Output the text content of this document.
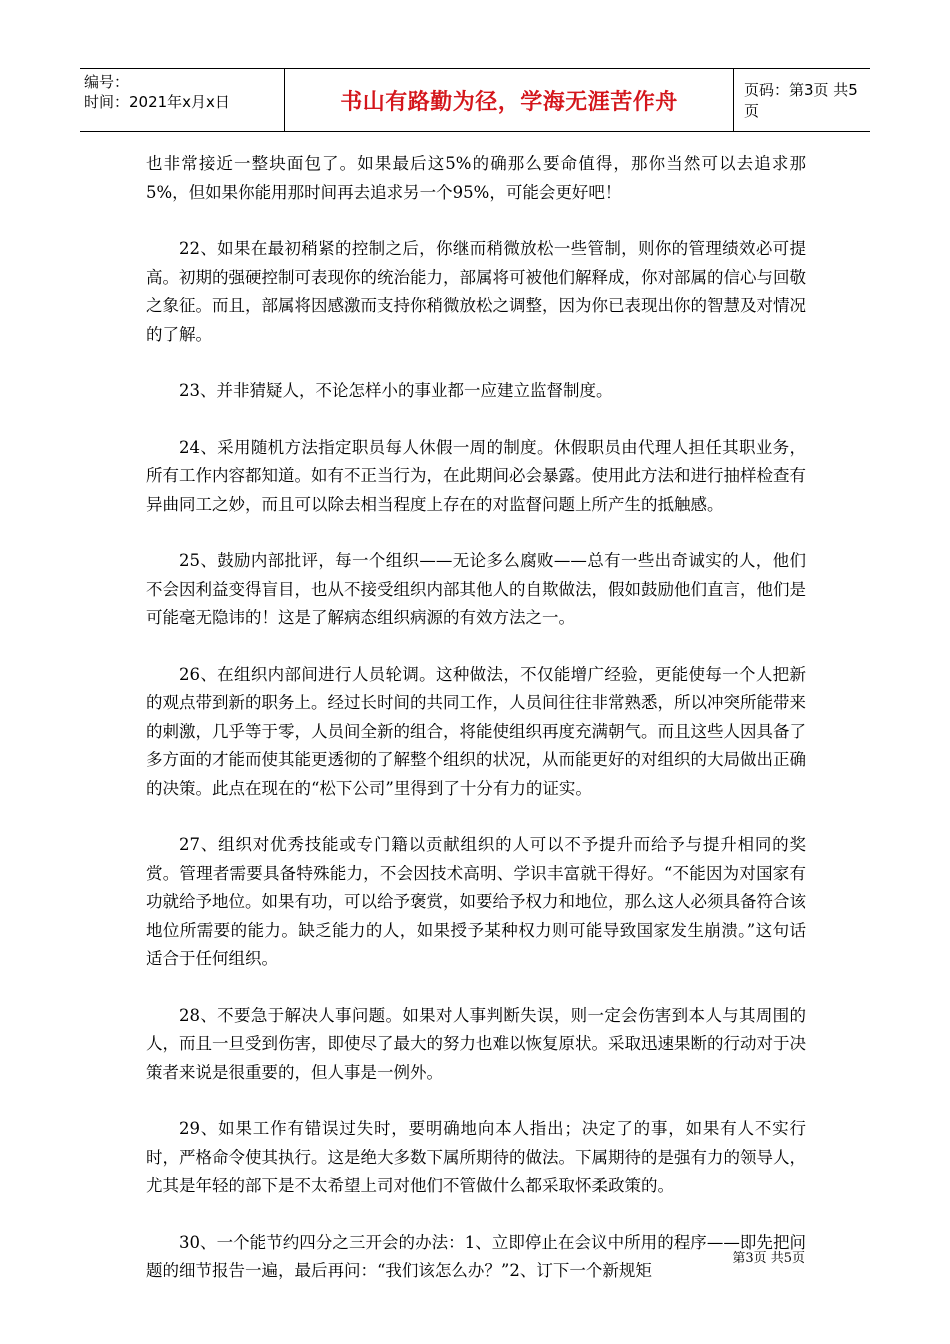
编号：
时间：2021年x月x日	书山有路勤为径，学海无涯苦作舟	页码：第3页 共5页

也非常接近一整块面包了。如果最后这5%的确那么要命值得，那你当然可以去追求那5%，但如果你能用那时间再去追求另一个95%，可能会更好吧！

22、如果在最初稍紧的控制之后，你继而稍微放松一些管制，则你的管理绩效必可提高。初期的强硬控制可表现你的统治能力，部属将可被他们解释成，你对部属的信心与回敬之象征。而且，部属将因感激而支持你稍微放松之调整，因为你已表现出你的智慧及对情况的了解。

23、并非猜疑人，不论怎样小的事业都一应建立监督制度。

24、采用随机方法指定职员每人休假一周的制度。休假职员由代理人担任其职业务，所有工作内容都知道。如有不正当行为，在此期间必会暴露。使用此方法和进行抽样检查有异曲同工之妙，而且可以除去相当程度上存在的对监督问题上所产生的抵触感。

25、鼓励内部批评，每一个组织——无论多么腐败——总有一些出奇诚实的人，他们不会因利益变得盲目，也从不接受组织内部其他人的自欺做法，假如鼓励他们直言，他们是可能毫无隐讳的！这是了解病态组织病源的有效方法之一。

26、在组织内部间进行人员轮调。这种做法，不仅能增广经验，更能使每一个人把新的观点带到新的职务上。经过长时间的共同工作，人员间往往非常熟悉，所以冲突所能带来的刺激，几乎等于零，人员间全新的组合，将能使组织再度充满朝气。而且这些人因具备了多方面的才能而使其能更透彻的了解整个组织的状况，从而能更好的对组织的大局做出正确的决策。此点在现在的“松下公司”里得到了十分有力的证实。

27、组织对优秀技能或专门籍以贡献组织的人可以不予提升而给予与提升相同的奖赏。管理者需要具备特殊能力，不会因技术高明、学识丰富就干得好。“不能因为对国家有功就给予地位。如果有功，可以给予褒赏，如要给予权力和地位，那么这人必须具备符合该地位所需要的能力。缺乏能力的人，如果授予某种权力则可能导致国家发生崩溃。”这句话适合于任何组织。

28、不要急于解决人事问题。如果对人事判断失误，则一定会伤害到本人与其周围的人，而且一旦受到伤害，即使尽了最大的努力也难以恢复原状。采取迅速果断的行动对于决策者来说是很重要的，但人事是一例外。

29、如果工作有错误过失时，要明确地向本人指出；决定了的事，如果有人不实行时，严格命令使其执行。这是绝大多数下属所期待的做法。下属期待的是强有力的领导人，尤其是年轻的部下是不太希望上司对他们不管做什么都采取怀柔政策的。

30、一个能节约四分之三开会的办法：1、立即停止在会议中所用的程序——即先把问题的细节报告一遍，最后再问：“我们该怎么办？”2、订下一个新规矩

第3页 共5页
